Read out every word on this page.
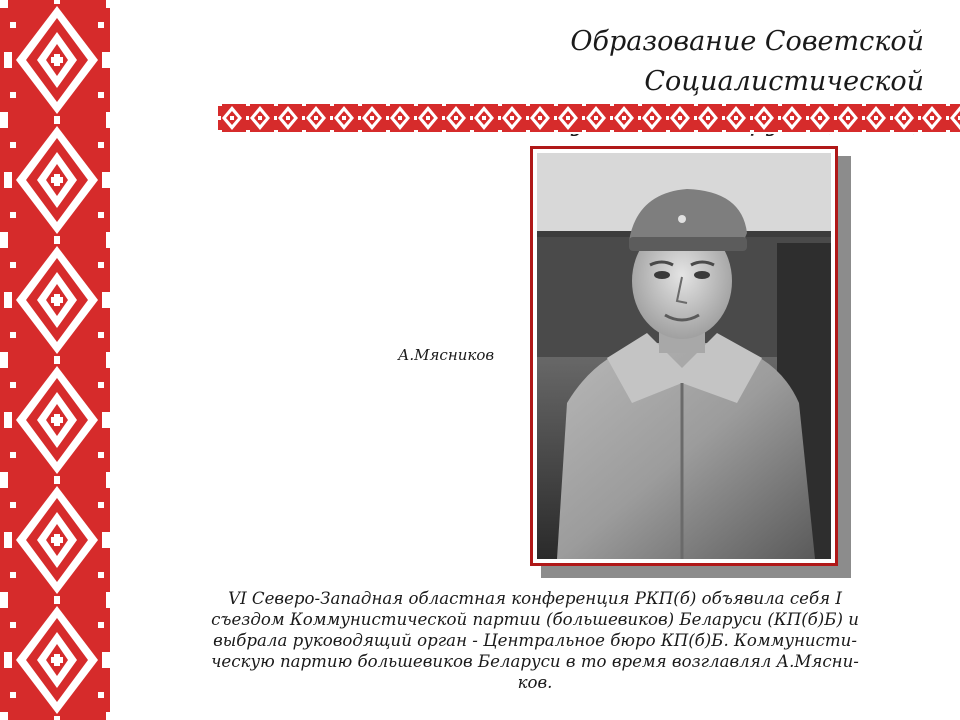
Образование Советской Социалистической
А.Мясников
VI Северо-Западная областная конференция РКП(б) объявила себя I
съездом Коммунистической партии (большевиков) Беларуси (КП(б)Б) и
выбрала руководящий орган - Центральное бюро КП(б)Б. Коммунисти-
ческую партию большевиков Беларуси в то время возглавлял А.Мясни-
ков.
